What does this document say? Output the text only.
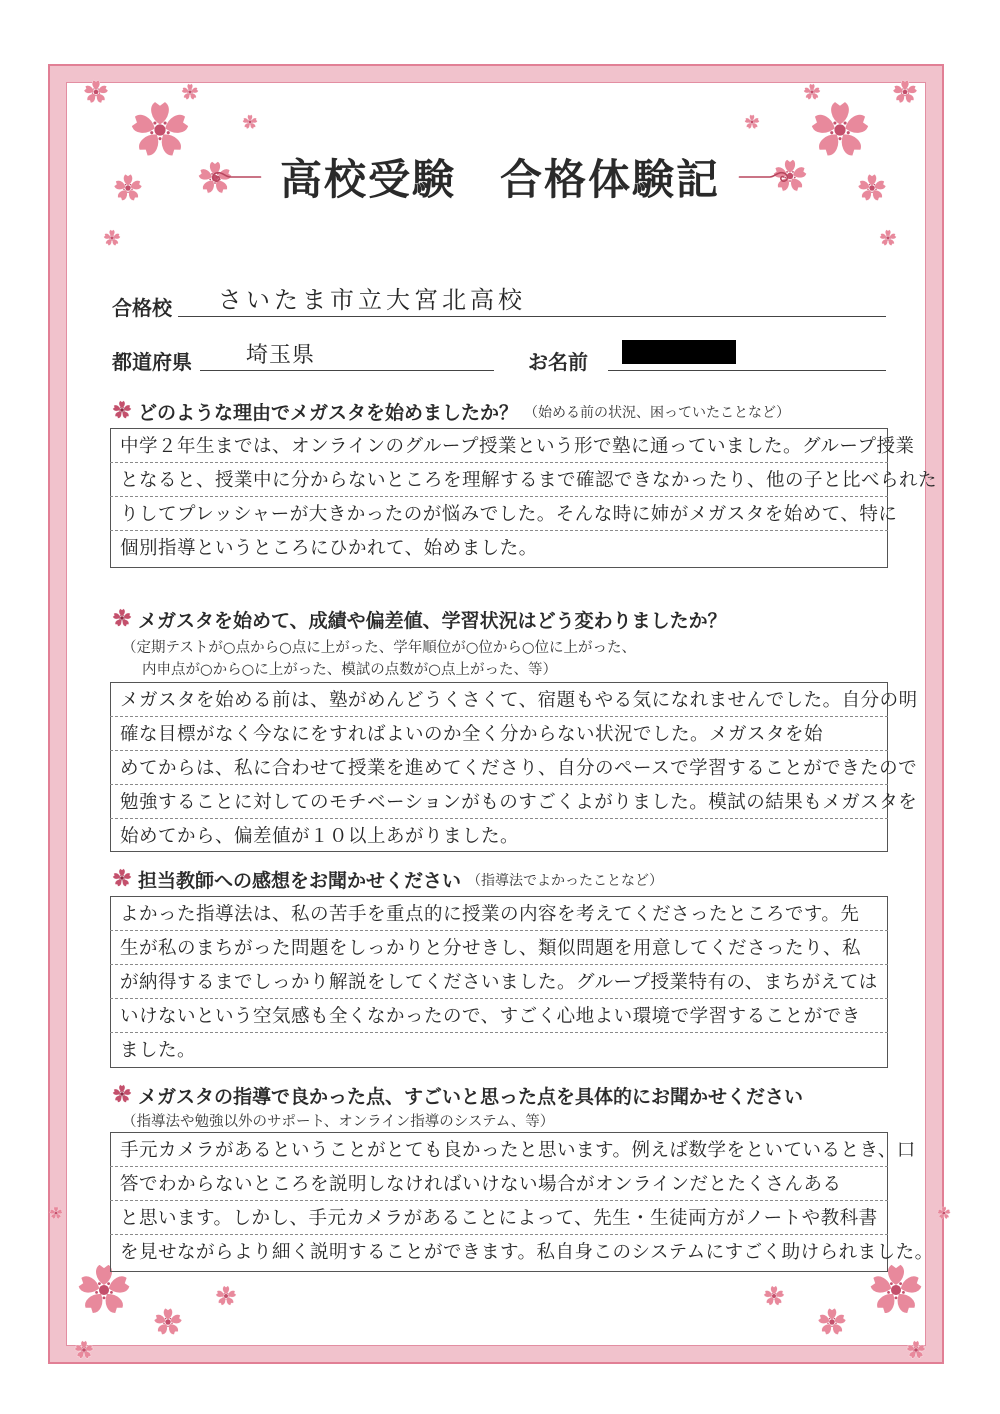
高校受験　合格体験記
合格校 さいたま市立大宮北高校
都道府県 埼玉県	お名前
どのような理由でメガスタを始めましたか？ （始める前の状況、困っていたことなど）
中学２年生までは、オンラインのグループ授業という形で塾に通っていました。グループ授業
となると、授業中に分からないところを理解するまで確認できなかったり、他の子と比べられた
りしてプレッシャーが大きかったのが悩みでした。そんな時に姉がメガスタを始めて、特に
個別指導というところにひかれて、始めました。
メガスタを始めて、成績や偏差値、学習状況はどう変わりましたか？
（定期テストが○点から○点に上がった、学年順位が○位から○位に上がった、
内申点が○から○に上がった、模試の点数が○点上がった、等）
メガスタを始める前は、塾がめんどうくさくて、宿題もやる気になれませんでした。自分の明
確な目標がなく今なにをすればよいのか全く分からない状況でした。メガスタを始
めてからは、私に合わせて授業を進めてくださり、自分のペースで学習することができたので
勉強することに対してのモチベーションがものすごくよがりました。模試の結果もメガスタを
始めてから、偏差値が１０以上あがりました。
担当教師への感想をお聞かせください （指導法でよかったことなど）
よかった指導法は、私の苦手を重点的に授業の内容を考えてくださったところです。先
生が私のまちがった問題をしっかりと分せきし、類似問題を用意してくださったり、私
が納得するまでしっかり解説をしてくださいました。グループ授業特有の、まちがえては
いけないという空気感も全くなかったので、すごく心地よい環境で学習することができ
ました。
メガスタの指導で良かった点、すごいと思った点を具体的にお聞かせください
（指導法や勉強以外のサポート、オンライン指導のシステム、等）
手元カメラがあるということがとても良かったと思います。例えば数学をといているとき、口
答でわからないところを説明しなければいけない場合がオンラインだとたくさんある
と思います。しかし、手元カメラがあることによって、先生・生徒両方がノートや教科書
を見せながらより細く説明することができます。私自身このシステムにすごく助けられました。
